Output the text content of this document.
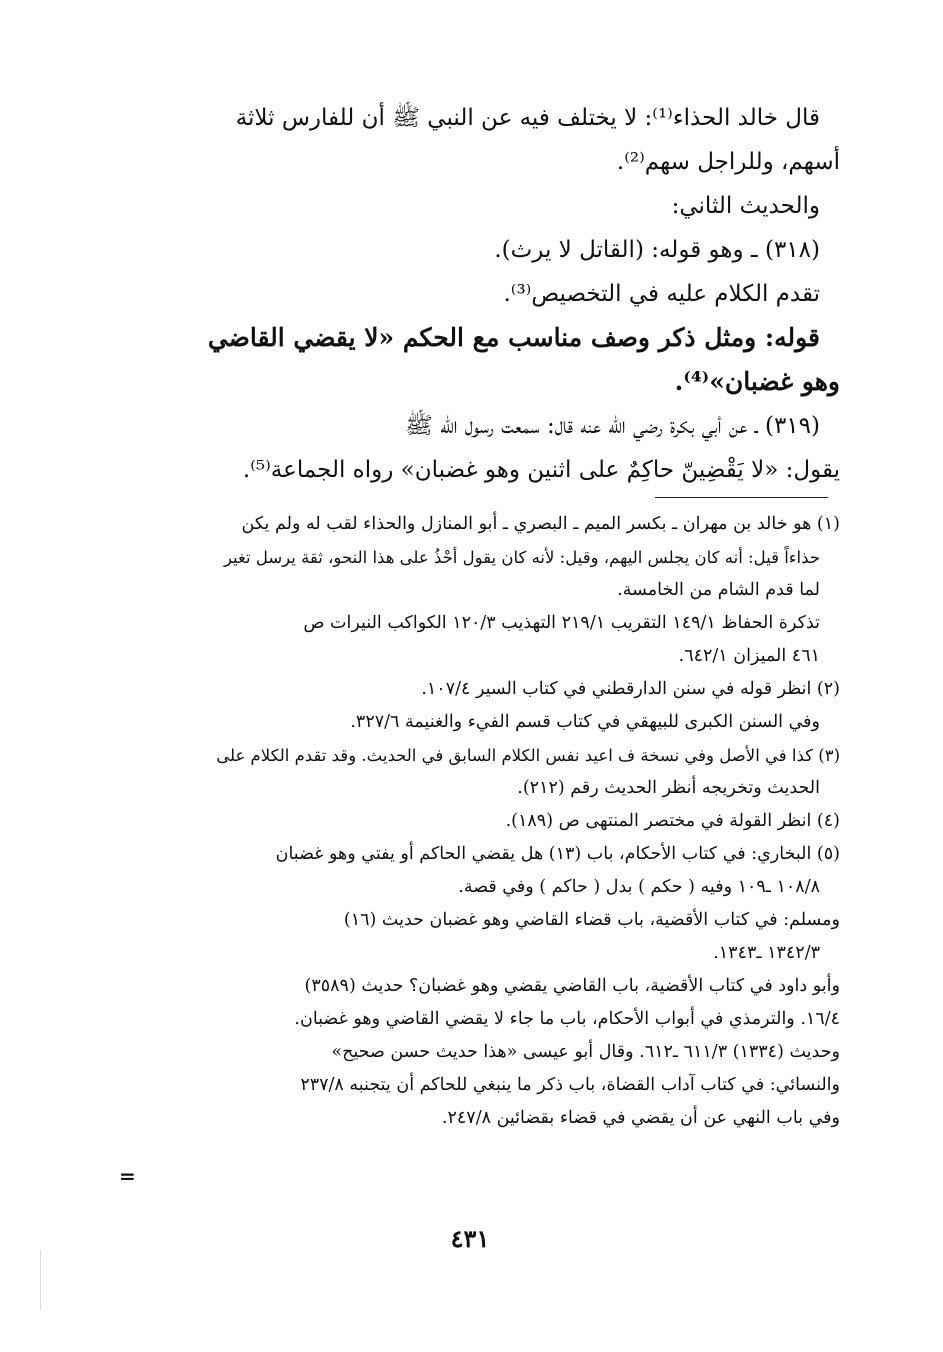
قال خالد الحذاء⁽¹⁾: لا يختلف فيه عن النبي ﷺ أن للفارس ثلاثة
أسهم، وللراجل سهم⁽²⁾.
والحديث الثاني:
(٣١٨) ـ وهو قوله: (القاتل لا يرث).
تقدم الكلام عليه في التخصيص⁽³⁾.
قوله: ومثل ذكر وصف مناسب مع الحكم «لا يقضي القاضي
وهو غضبان»⁽⁴⁾.
(٣١٩) ـ عن أبي بكرة رضي الله عنه قال: سمعت رسول الله ﷺ
يقول: «لا يَقْضِينّ حاكِمٌ على اثنين وهو غضبان» رواه الجماعة⁽⁵⁾.
(١) هو خالد بن مهران ـ بكسر الميم ـ البصري ـ أبو المنازل والحذاء لقب له ولم يكن
حذاءاً قيل: أنه كان يجلس اليهم، وقيل: لأنه كان يقول أحْذُ على هذا النحو، ثقة يرسل تغير
لما قدم الشام من الخامسة.
تذكرة الحفاظ ١٤٩/١ التقريب ٢١٩/١ التهذيب ١٢٠/٣ الكواكب النيرات ص
٤٦١ الميزان ٦٤٢/١.
(٢) انظر قوله في سنن الدارقطني في كتاب السير ١٠٧/٤.
وفي السنن الكبرى للبيهقي في كتاب قسم الفيء والغنيمة ٣٢٧/٦.
(٣) كذا في الأصل وفي نسخة ف اعيد نفس الكلام السابق في الحديث. وقد تقدم الكلام على
الحديث وتخريجه أنظر الحديث رقم (٢١٢).
(٤) انظر القولة في مختصر المنتهى ص (١٨٩).
(٥) البخاري: في كتاب الأحكام، باب (١٣) هل يقضي الحاكم أو يفتي وهو غضبان
١٠٨/٨ ـ١٠٩ وفيه ( حكم ) بدل ( حاكم ) وفي قصة.
ومسلم: في كتاب الأقضية، باب قضاء القاضي وهو غضبان حديث (١٦)
١٣٤٢/٣ ـ١٣٤٣.
وأبو داود في كتاب الأقضية، باب القاضي يقضي وهو غضبان؟ حديث (٣٥٨٩)
١٦/٤. والترمذي في أبواب الأحكام، باب ما جاء لا يقضي القاضي وهو غضبان.
وحديث (١٣٣٤) ٦١١/٣ ـ٦١٢. وقال أبو عيسى «هذا حديث حسن صحيح»
والنسائي: في كتاب آداب القضاة، باب ذكر ما ينبغي للحاكم أن يتجنبه ٢٣٧/٨
وفي باب النهي عن أن يقضي في قضاء بقضائين ٢٤٧/٨.
=
٤٣١
